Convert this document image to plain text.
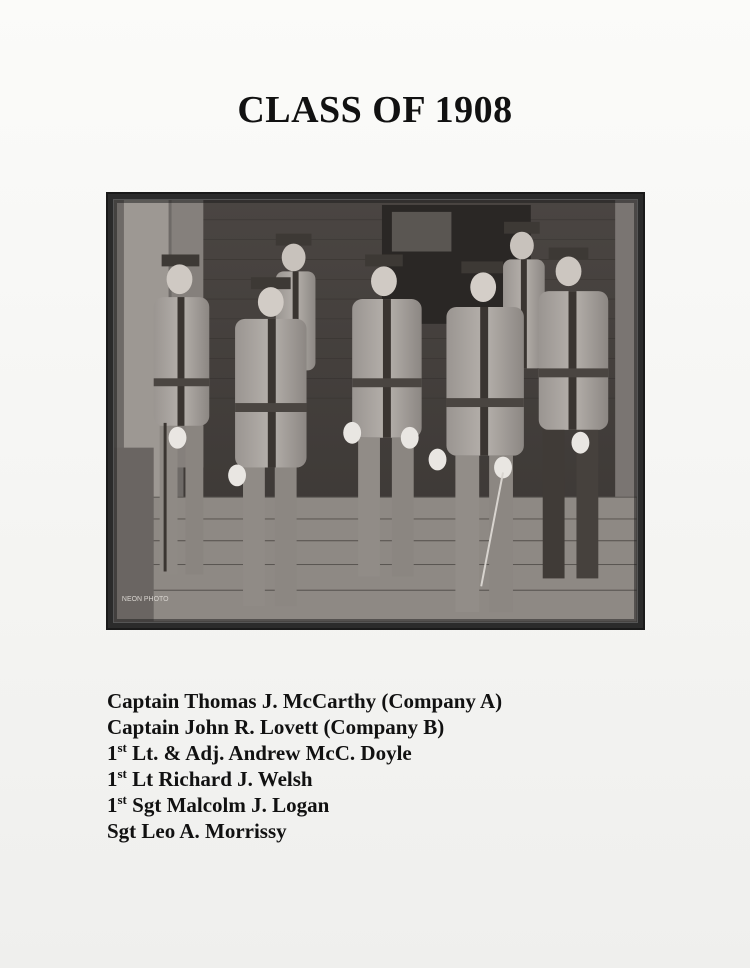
CLASS OF 1908
NEON PHOTO
Captain Thomas J. McCarthy (Company A)
Captain John R. Lovett (Company B)
1st Lt. & Adj. Andrew McC. Doyle
1st Lt Richard J. Welsh
1st Sgt Malcolm J. Logan
Sgt Leo A. Morrissy
